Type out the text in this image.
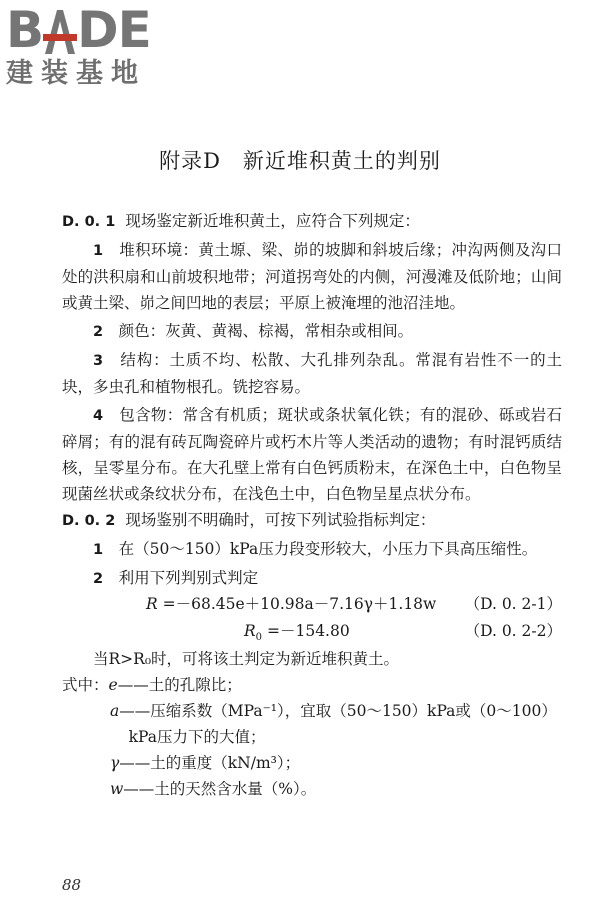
B D E
建装基地
附录D　新近堆积黄土的判别

D. 0. 1 现场鉴定新近堆积黄土，应符合下列规定：

1　 堆积环境：黄土塬、梁、峁的坡脚和斜坡后缘；冲沟两侧及沟口处的洪积扇和山前坡积地带；河道拐弯处的内侧，河漫滩及低阶地；山间或黄土梁、峁之间凹地的表层；平原上被淹埋的池沼洼地。

2　 颜色：灰黄、黄褐、棕褐，常相杂或相间。

3　 结构：土质不均、松散、大孔排列杂乱。常混有岩性不一的土块，多虫孔和植物根孔。铣挖容易。

4　 包含物：常含有机质；斑状或条状氧化铁；有的混砂、砾或岩石碎屑；有的混有砖瓦陶瓷碎片或朽木片等人类活动的遗物；有时混钙质结核，呈零星分布。在大孔壁上常有白色钙质粉末，在深色土中，白色物呈现菌丝状或条纹状分布，在浅色土中，白色物呈星点状分布。

D. 0. 2 现场鉴别不明确时，可按下列试验指标判定：

1　 在（50～150）kPa压力段变形较大，小压力下具高压缩性。

2　 利用下列判别式判定

R =－68.45e＋10.98a－7.16γ＋1.18w （D. 0. 2-1）
$R_0 =-154.80$	（D. 0. 2-2）

当R>R₀时，可将该土判定为新近堆积黄土。

式中：e——土的孔隙比；
a——压缩系数（MPa⁻¹），宜取（50～150）kPa或（0～100）kPa压力下的大值；
γ——土的重度（kN/m³）；
w——土的天然含水量（%）。
88
